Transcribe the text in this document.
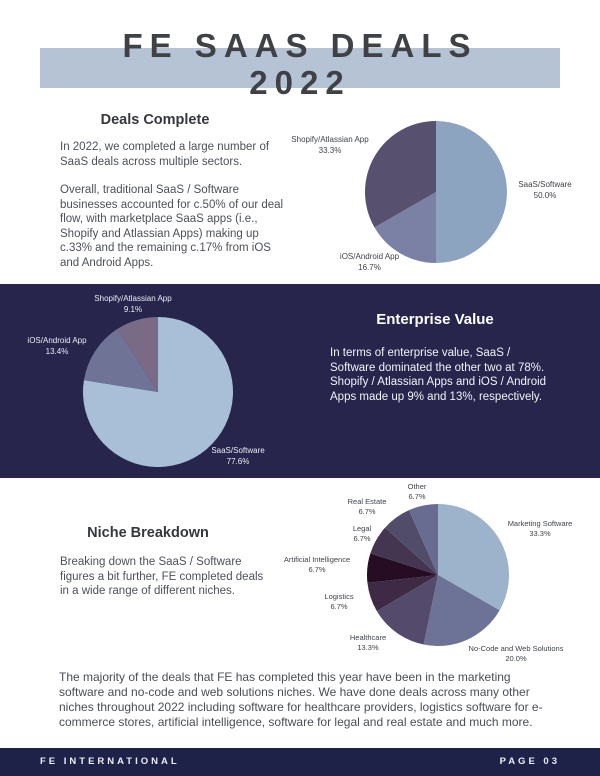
FE SAAS DEALS
2022
Deals Complete
In 2022, we completed a large number of SaaS deals across multiple sectors.
Overall, traditional SaaS / Software businesses accounted for c.50% of our deal flow, with marketplace SaaS apps (i.e., Shopify and Atlassian Apps) making up c.33% and the remaining c.17% from iOS and Android Apps.
Shopify/Atlassian App
33.3%
SaaS/Software
50.0%
iOS/Android App
16.7%
Shopify/Atlassian App
9.1%
iOS/Android App
13.4%
SaaS/Software
77.6%
Enterprise Value
In terms of enterprise value, SaaS / Software dominated the other two at 78%. Shopify / Atlassian Apps and iOS / Android Apps made up 9% and 13%, respectively.
Niche Breakdown
Breaking down the SaaS / Software figures a bit further, FE completed deals in a wide range of different niches.
Other
6.7%
Real Estate
6.7%
Marketing Software
33.3%
Legal
6.7%
Artificial Intelligence
6.7%
Logistics
6.7%
Healthcare
13.3%	No-Code and Web Solutions
20.0%
The majority of the deals that FE has completed this year have been in the marketing software and no-code and web solutions niches. We have done deals across many other niches throughout 2022 including software for healthcare providers, logistics software for e-commerce stores, artificial intelligence, software for legal and real estate and much more.
FE INTERNATIONAL	PAGE 03
